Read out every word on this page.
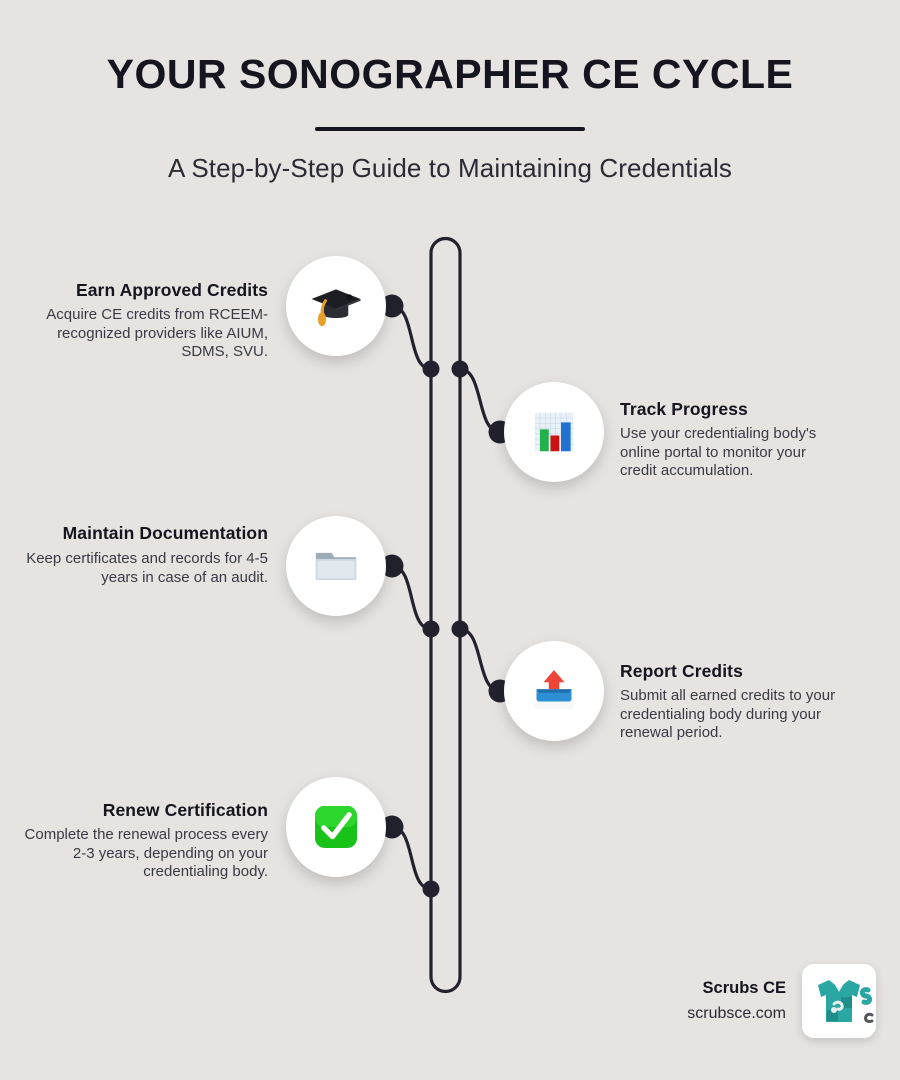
YOUR SONOGRAPHER CE CYCLE

A Step-by-Step Guide to Maintaining Credentials

Earn Approved Credits

Acquire CE credits from RCEEM-recognized providers like AIUM, SDMS, SVU.

Track Progress

Use your credentialing body's online portal to monitor your credit accumulation.

Maintain Documentation

Keep certificates and records for 4-5 years in case of an audit.

Report Credits

Submit all earned credits to your credentialing body during your renewal period.

Renew Certification

Complete the renewal process every 2-3 years, depending on your credentialing body.

Scrubs CE

scrubsce.com
